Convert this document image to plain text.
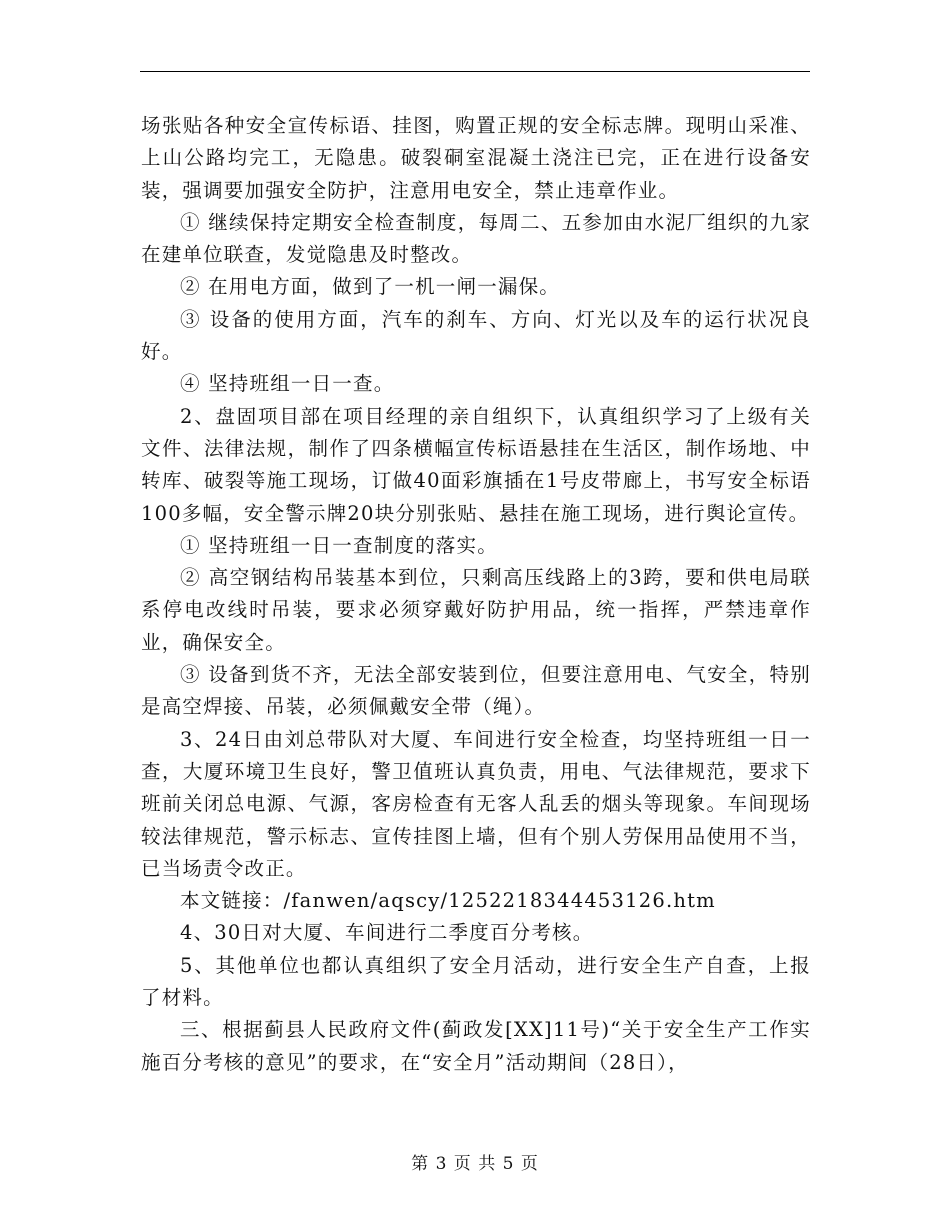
场张贴各种安全宣传标语、挂图，购置正规的安全标志牌。现明山采准、上山公路均完工，无隐患。破裂硐室混凝土浇注已完，正在进行设备安装，强调要加强安全防护，注意用电安全，禁止违章作业。

① 继续保持定期安全检查制度，每周二、五参加由水泥厂组织的九家在建单位联查，发觉隐患及时整改。

② 在用电方面，做到了一机一闸一漏保。

③ 设备的使用方面，汽车的刹车、方向、灯光以及车的运行状况良好。

④ 坚持班组一日一查。

2、盘固项目部在项目经理的亲自组织下，认真组织学习了上级有关文件、法律法规，制作了四条横幅宣传标语悬挂在生活区，制作场地、中转库、破裂等施工现场，订做40面彩旗插在1号皮带廊上，书写安全标语100多幅，安全警示牌20块分别张贴、悬挂在施工现场，进行舆论宣传。

① 坚持班组一日一查制度的落实。

② 高空钢结构吊装基本到位，只剩高压线路上的3跨，要和供电局联系停电改线时吊装，要求必须穿戴好防护用品，统一指挥，严禁违章作业，确保安全。

③ 设备到货不齐，无法全部安装到位，但要注意用电、气安全，特别是高空焊接、吊装，必须佩戴安全带（绳）。

3、24日由刘总带队对大厦、车间进行安全检查，均坚持班组一日一查，大厦环境卫生良好，警卫值班认真负责，用电、气法律规范，要求下班前关闭总电源、气源，客房检查有无客人乱丢的烟头等现象。车间现场较法律规范，警示标志、宣传挂图上墙，但有个别人劳保用品使用不当，已当场责令改正。

本文链接：/fanwen/aqscy/1252218344453126.htm

4、30日对大厦、车间进行二季度百分考核。

5、其他单位也都认真组织了安全月活动，进行安全生产自查，上报了材料。

三、根据蓟县人民政府文件(蓟政发[XX]11号)“关于安全生产工作实施百分考核的意见”的要求，在“安全月”活动期间（28日），

第 3 页 共 5 页
